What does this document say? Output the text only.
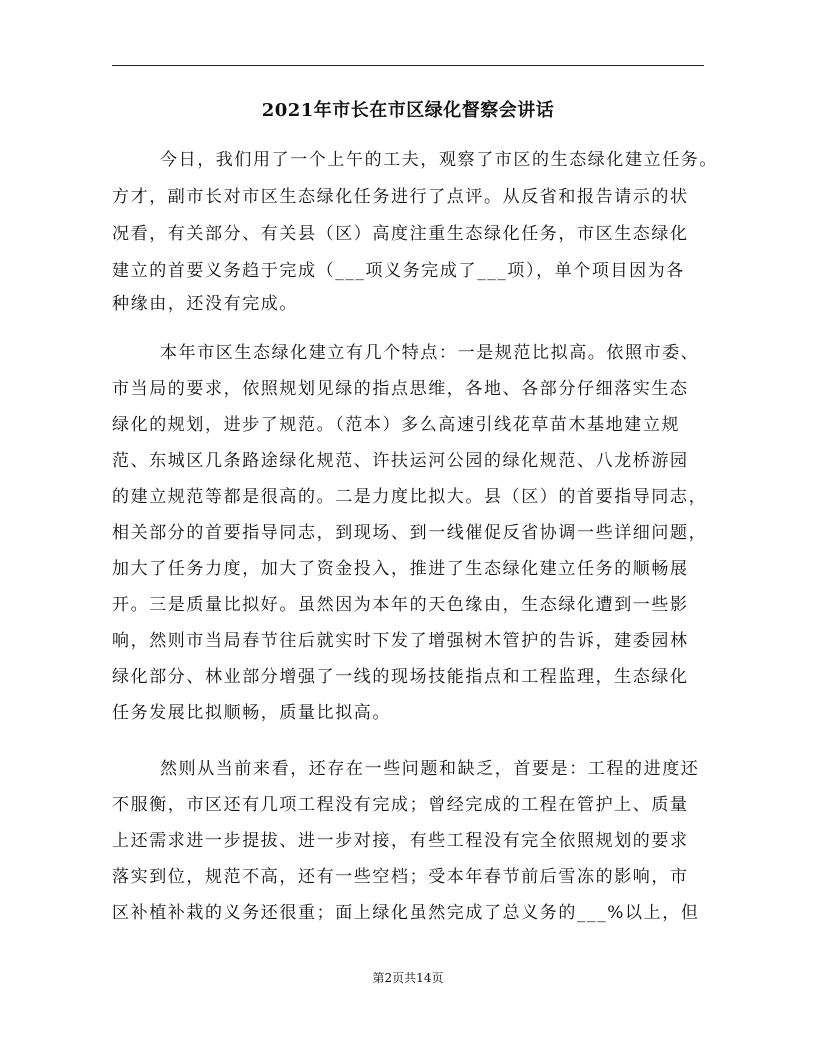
2021年市长在市区绿化督察会讲话
今日，我们用了一个上午的工夫，观察了市区的生态绿化建立任务。
方才，副市长对市区生态绿化任务进行了点评。从反省和报告请示的状
况看，有关部分、有关县（区）高度注重生态绿化任务，市区生态绿化
建立的首要义务趋于完成（___项义务完成了___项），单个项目因为各
种缘由，还没有完成。
本年市区生态绿化建立有几个特点：一是规范比拟高。依照市委、
市当局的要求，依照规划见绿的指点思维，各地、各部分仔细落实生态
绿化的规划，进步了规范。（范本）多么高速引线花草苗木基地建立规
范、东城区几条路途绿化规范、许扶运河公园的绿化规范、八龙桥游园
的建立规范等都是很高的。二是力度比拟大。县（区）的首要指导同志，
相关部分的首要指导同志，到现场、到一线催促反省协调一些详细问题，
加大了任务力度，加大了资金投入，推进了生态绿化建立任务的顺畅展
开。三是质量比拟好。虽然因为本年的天色缘由，生态绿化遭到一些影
响，然则市当局春节往后就实时下发了增强树木管护的告诉，建委园林
绿化部分、林业部分增强了一线的现场技能指点和工程监理，生态绿化
任务发展比拟顺畅，质量比拟高。
然则从当前来看，还存在一些问题和缺乏，首要是：工程的进度还
不服衡，市区还有几项工程没有完成；曾经完成的工程在管护上、质量
上还需求进一步提拔、进一步对接，有些工程没有完全依照规划的要求
落实到位，规范不高，还有一些空档；受本年春节前后雪冻的影响，市
区补植补栽的义务还很重；面上绿化虽然完成了总义务的___%以上，但
第2页共14页
